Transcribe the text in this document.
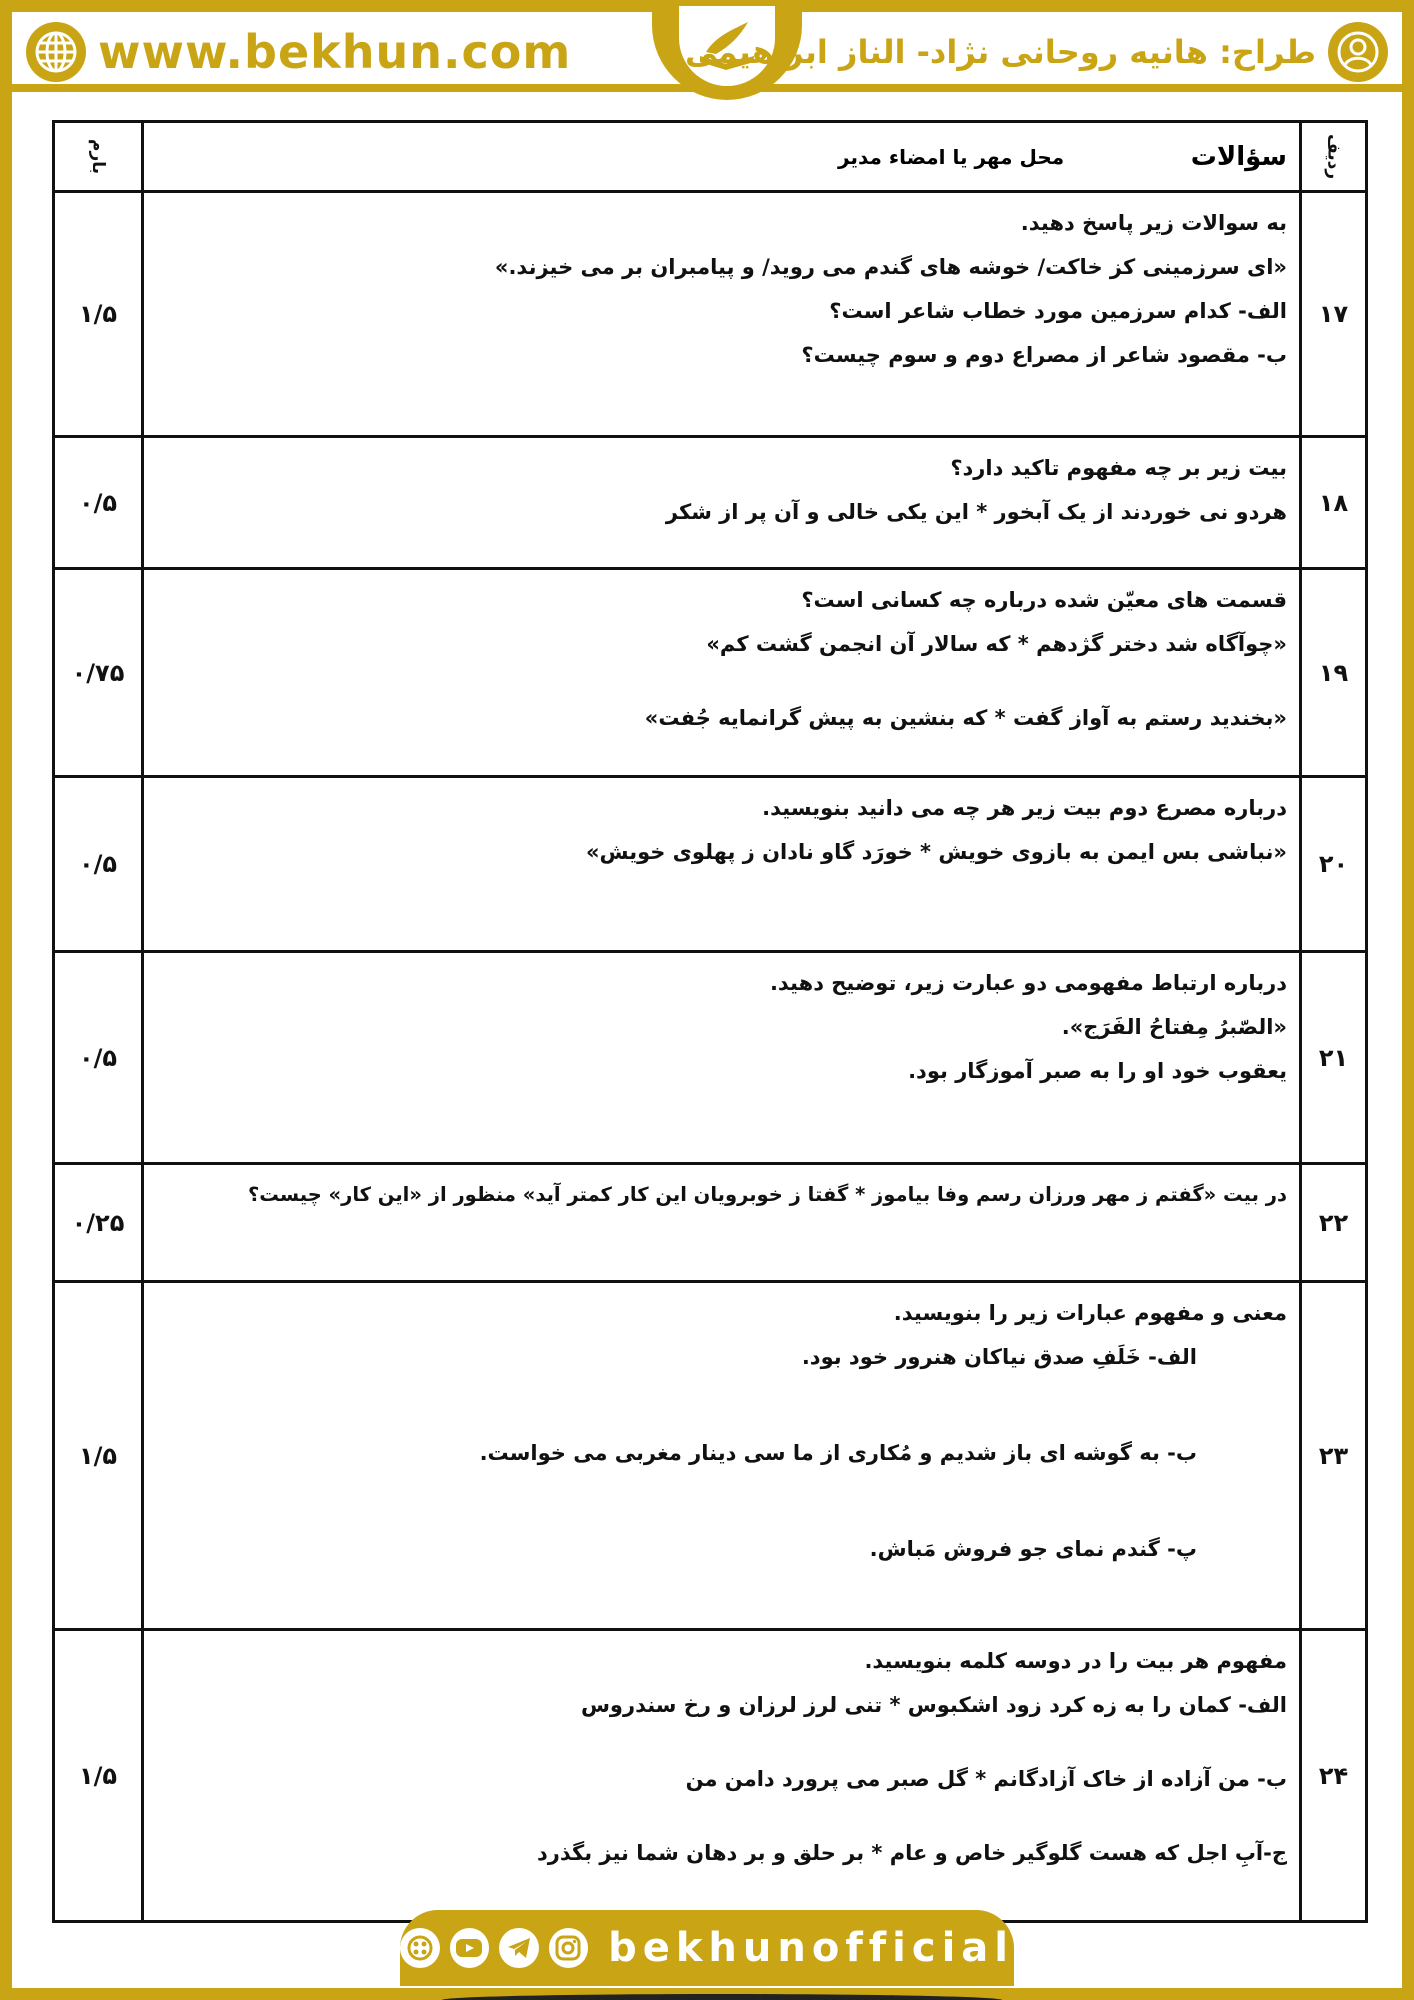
www.bekhun.com	طراح: هانیه روحانی نژاد- الناز ابراهیمی
ردیف
سؤالات
محل مهر یا امضاء مدیر
بارم
۱۷
به سوالات زیر پاسخ دهید.
«ای سرزمینی کز خاکت/ خوشه های گندم می روید/ و پیامبران بر می خیزند.»
الف- کدام سرزمین مورد خطاب شاعر است؟
ب- مقصود شاعر از مصراع دوم و سوم چیست؟
۱/۵
۱۸
بیت زیر بر چه مفهوم تاکید دارد؟
هردو نی خوردند از یک آبخور * این یکی خالی و آن پر از شکر
۰/۵
۱۹
قسمت های معیّن شده درباره چه کسانی است؟
«چوآگاه شد دختر گژدهم * که سالار آن انجمن گشت کم»
«بخندید رستم به آواز گفت * که بنشین به پیش گرانمایه جُفت»
۰/۷۵
۲۰
درباره مصرع دوم بیت زیر هر چه می دانید بنویسید.
«نباشی بس ایمن به بازوی خویش * خورَد گاو نادان ز پهلوی خویش»
۰/۵
۲۱
درباره ارتباط مفهومی دو عبارت زیر، توضیح دهید.
«الصّبرُ مِفتاحُ الفَرَج».
یعقوب خود او را به صبر آموزگار بود.
۰/۵
۲۲
در بیت «گفتم ز مهر ورزان رسم وفا بیاموز * گفتا ز خوبرویان این کار کمتر آید» منظور از «این کار» چیست؟
۰/۲۵
۲۳
معنی و مفهوم عبارات زیر را بنویسید.
الف- خَلَفِ صدق نیاکان هنرور خود بود.
ب- به گوشه ای باز شدیم و مُکاری از ما سی دینار مغربی می خواست.
پ- گندم نمای جو فروش مَباش.
۱/۵
۲۴
مفهوم هر بیت را در دوسه کلمه بنویسید.
الف- کمان را به زه کرد زود اشکبوس * تنی لرز لرزان و رخ سندروس
ب- من آزاده از خاک آزادگانم * گل صبر می پرورد دامن من
ج-آبِ اجل که هست گلوگیر خاص و عام * بر حلق و بر دهان شما نیز بگذرد
۱/۵
bekhunofficial
